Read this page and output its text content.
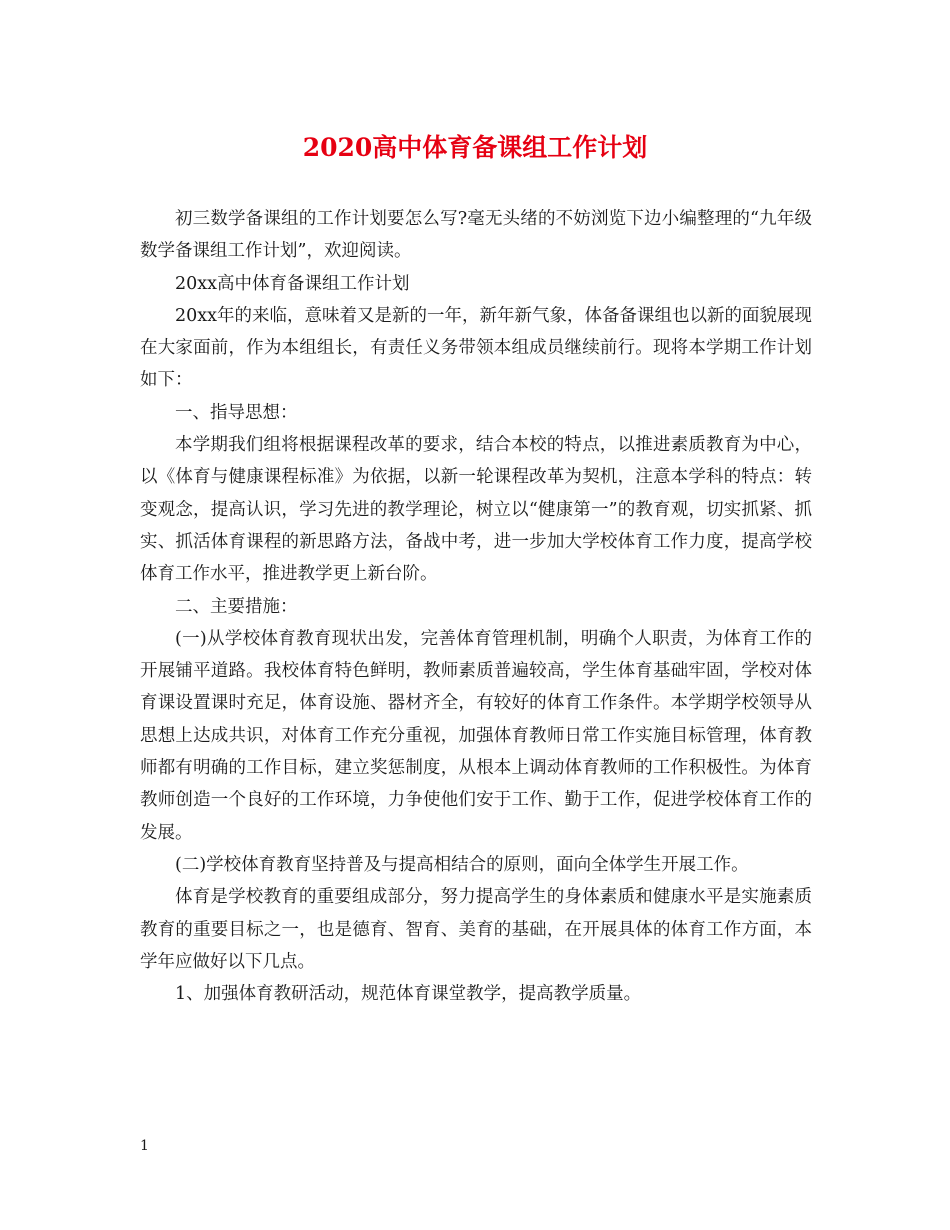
2020高中体育备课组工作计划

初三数学备课组的工作计划要怎么写?毫无头绪的不妨浏览下边小编整理的“九年级数学备课组工作计划”，欢迎阅读。

20xx高中体育备课组工作计划

20xx年的来临，意味着又是新的一年，新年新气象，体备备课组也以新的面貌展现在大家面前，作为本组组长，有责任义务带领本组成员继续前行。现将本学期工作计划如下：

一、指导思想：

本学期我们组将根据课程改革的要求，结合本校的特点，以推进素质教育为中心，以《体育与健康课程标准》为依据，以新一轮课程改革为契机，注意本学科的特点：转变观念，提高认识，学习先进的教学理论，树立以“健康第一”的教育观，切实抓紧、抓实、抓活体育课程的新思路方法，备战中考，进一步加大学校体育工作力度，提高学校体育工作水平，推进教学更上新台阶。

二、主要措施：

(一)从学校体育教育现状出发，完善体育管理机制，明确个人职责，为体育工作的开展铺平道路。我校体育特色鲜明，教师素质普遍较高，学生体育基础牢固，学校对体育课设置课时充足，体育设施、器材齐全，有较好的体育工作条件。本学期学校领导从思想上达成共识，对体育工作充分重视，加强体育教师日常工作实施目标管理，体育教师都有明确的工作目标，建立奖惩制度，从根本上调动体育教师的工作积极性。为体育教师创造一个良好的工作环境，力争使他们安于工作、勤于工作，促进学校体育工作的发展。

(二)学校体育教育坚持普及与提高相结合的原则，面向全体学生开展工作。

体育是学校教育的重要组成部分，努力提高学生的身体素质和健康水平是实施素质教育的重要目标之一，也是德育、智育、美育的基础，在开展具体的体育工作方面，本学年应做好以下几点。

1、加强体育教研活动，规范体育课堂教学，提高教学质量。

1
